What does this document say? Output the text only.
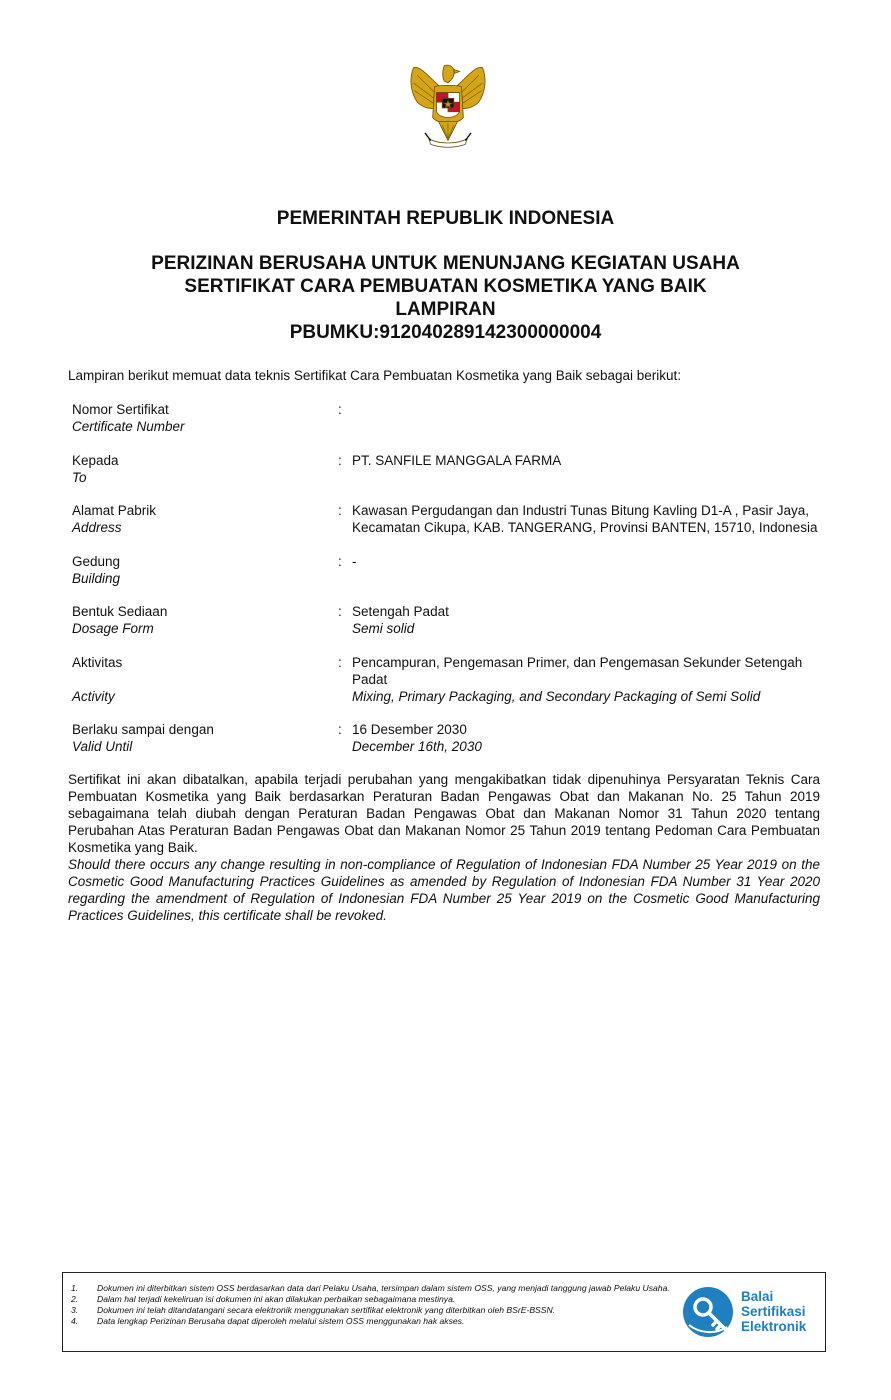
PEMERINTAH REPUBLIK INDONESIA
PERIZINAN BERUSAHA UNTUK MENUNJANG KEGIATAN USAHA
SERTIFIKAT CARA PEMBUATAN KOSMETIKA YANG BAIK
LAMPIRAN
PBUMKU:912040289142300000004
Lampiran berikut memuat data teknis Sertifikat Cara Pembuatan Kosmetika yang Baik sebagai berikut:
Nomor Sertifikat
Certificate Number
:
Kepada
To
: PT. SANFILE MANGGALA FARMA
Alamat Pabrik
Address
: Kawasan Pergudangan dan Industri Tunas Bitung Kavling D1-A , Pasir Jaya,
Kecamatan Cikupa, KAB. TANGERANG, Provinsi BANTEN, 15710, Indonesia
Gedung
Building
: -
Bentuk Sediaan
Dosage Form
: Setengah Padat
Semi solid
Aktivitas
Activity
: Pencampuran, Pengemasan Primer, dan Pengemasan Sekunder Setengah
Padat
Mixing, Primary Packaging, and Secondary Packaging of Semi Solid
Berlaku sampai dengan
Valid Until
: 16 Desember 2030
December 16th, 2030

Sertifikat ini akan dibatalkan, apabila terjadi perubahan yang mengakibatkan tidak dipenuhinya Persyaratan Teknis Cara Pembuatan Kosmetika yang Baik berdasarkan Peraturan Badan Pengawas Obat dan Makanan No. 25 Tahun 2019 sebagaimana telah diubah dengan Peraturan Badan Pengawas Obat dan Makanan Nomor 31 Tahun 2020 tentang Perubahan Atas Peraturan Badan Pengawas Obat dan Makanan Nomor 25 Tahun 2019 tentang Pedoman Cara Pembuatan Kosmetika yang Baik.

Should there occurs any change resulting in non-compliance of Regulation of Indonesian FDA Number 25 Year 2019 on the Cosmetic Good Manufacturing Practices Guidelines as amended by Regulation of Indonesian FDA Number 31 Year 2020 regarding the amendment of Regulation of Indonesian FDA Number 25 Year 2019 on the Cosmetic Good Manufacturing Practices Guidelines, this certificate shall be revoked.

1. Dokumen ini diterbitkan sistem OSS berdasarkan data dari Pelaku Usaha, tersimpan dalam sistem OSS, yang menjadi tanggung jawab Pelaku Usaha.
2. Dalam hal terjadi kekeliruan isi dokumen ini akan dilakukan perbaikan sebagaimana mestinya.
3. Dokumen ini telah ditandatangani secara elektronik menggunakan sertifikat elektronik yang diterbitkan oleh BSrE-BSSN.
4. Data lengkap Perizinan Berusaha dapat diperoleh melalui sistem OSS menggunakan hak akses.
Balai
Sertifikasi
Elektronik
